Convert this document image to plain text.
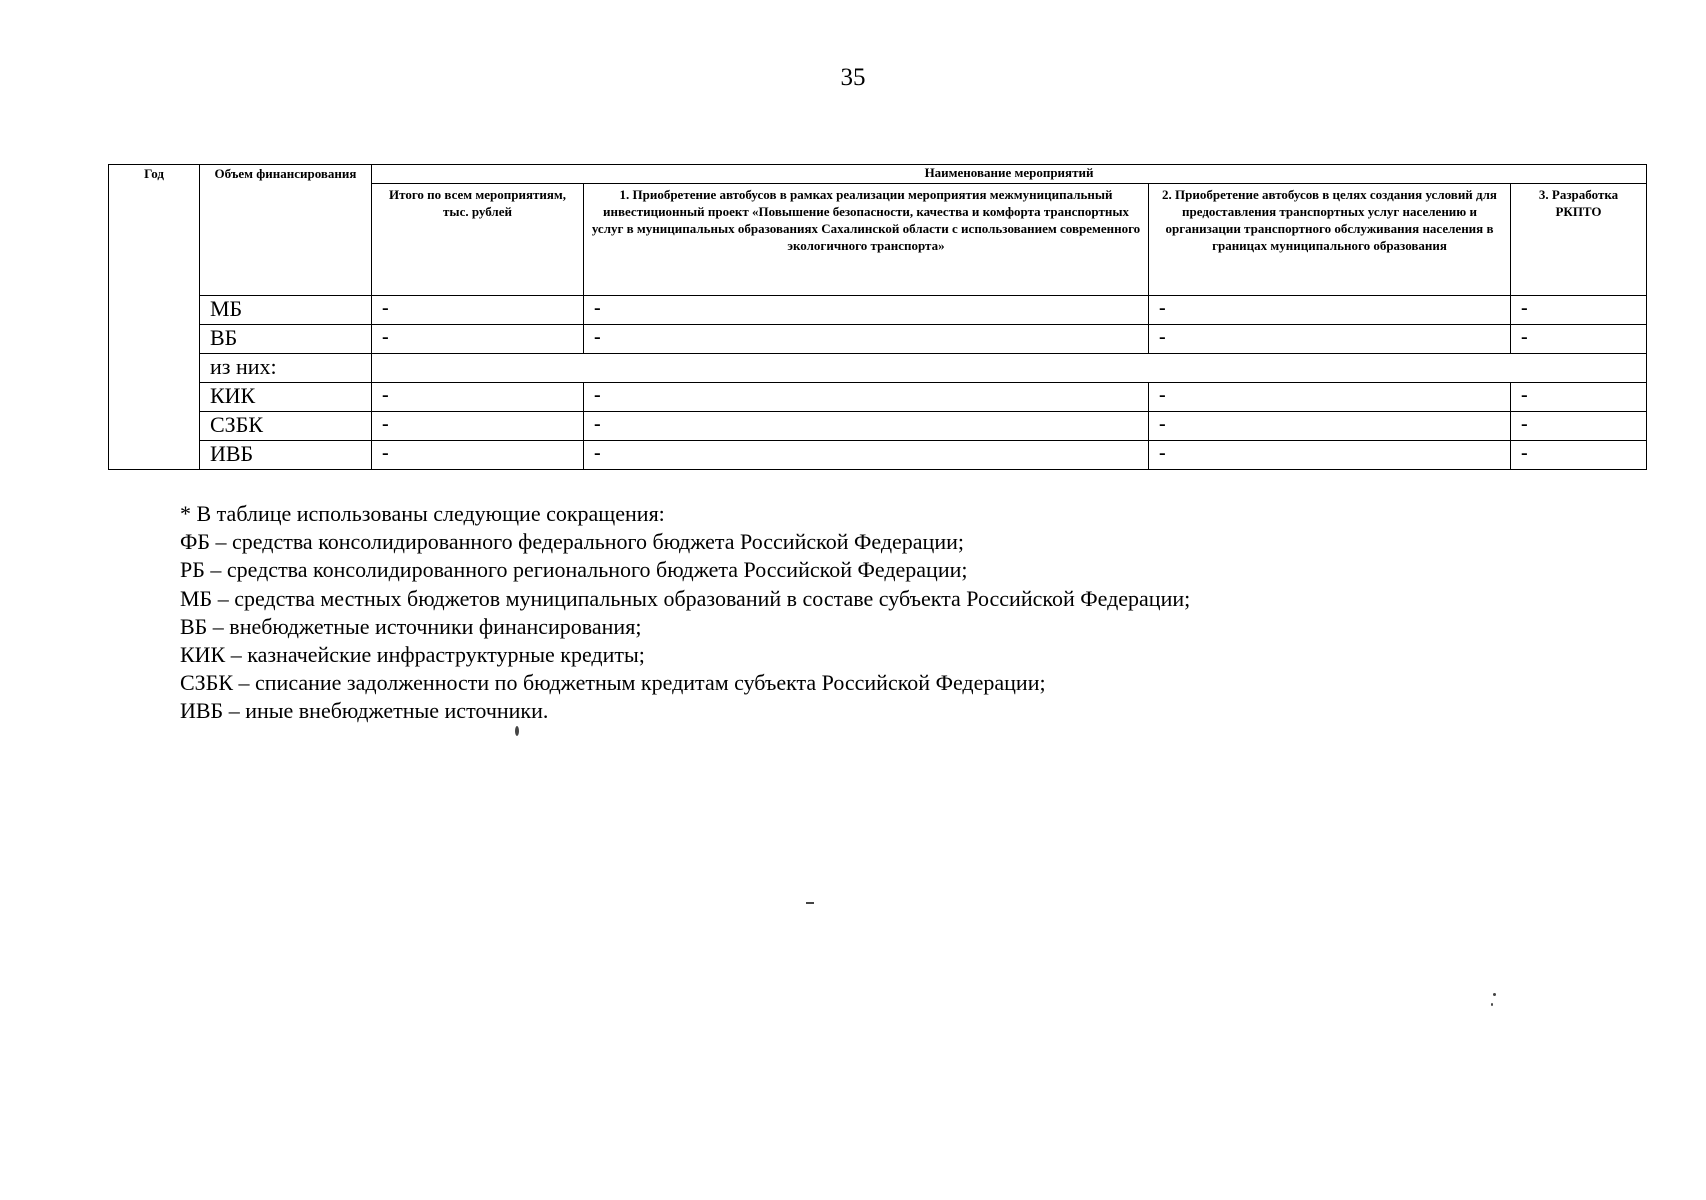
35
Год	Объем финансирования	Наименование мероприятий			
		Итого по всем мероприятиям, тыс. рублей	1. Приобретение автобусов в рамках реализации мероприятия межмуниципальный инвестиционный проект «Повышение безопасности, качества и комфорта транспортных услуг в муниципальных образованиях Сахалинской области с использованием современного экологичного транспорта»	2. Приобретение автобусов в целях создания условий для предоставления транспортных услуг населению и организации транспортного обслуживания населения в границах муниципального образования	3. Разработка РКПТО
	МБ	-	-	-	-
	ВБ	-	-	-	-
	из них:				
	КИК	-	-	-	-
	СЗБК	-	-	-	-
	ИВБ	-	-	-	-

* В таблице использованы следующие сокращения:

ФБ – средства консолидированного федерального бюджета Российской Федерации;

РБ – средства консолидированного регионального бюджета Российской Федерации;

МБ – средства местных бюджетов муниципальных образований в составе субъекта Российской Федерации;

ВБ – внебюджетные источники финансирования;

КИК – казначейские инфраструктурные кредиты;

СЗБК – списание задолженности по бюджетным кредитам субъекта Российской Федерации;

ИВБ – иные внебюджетные источники.
